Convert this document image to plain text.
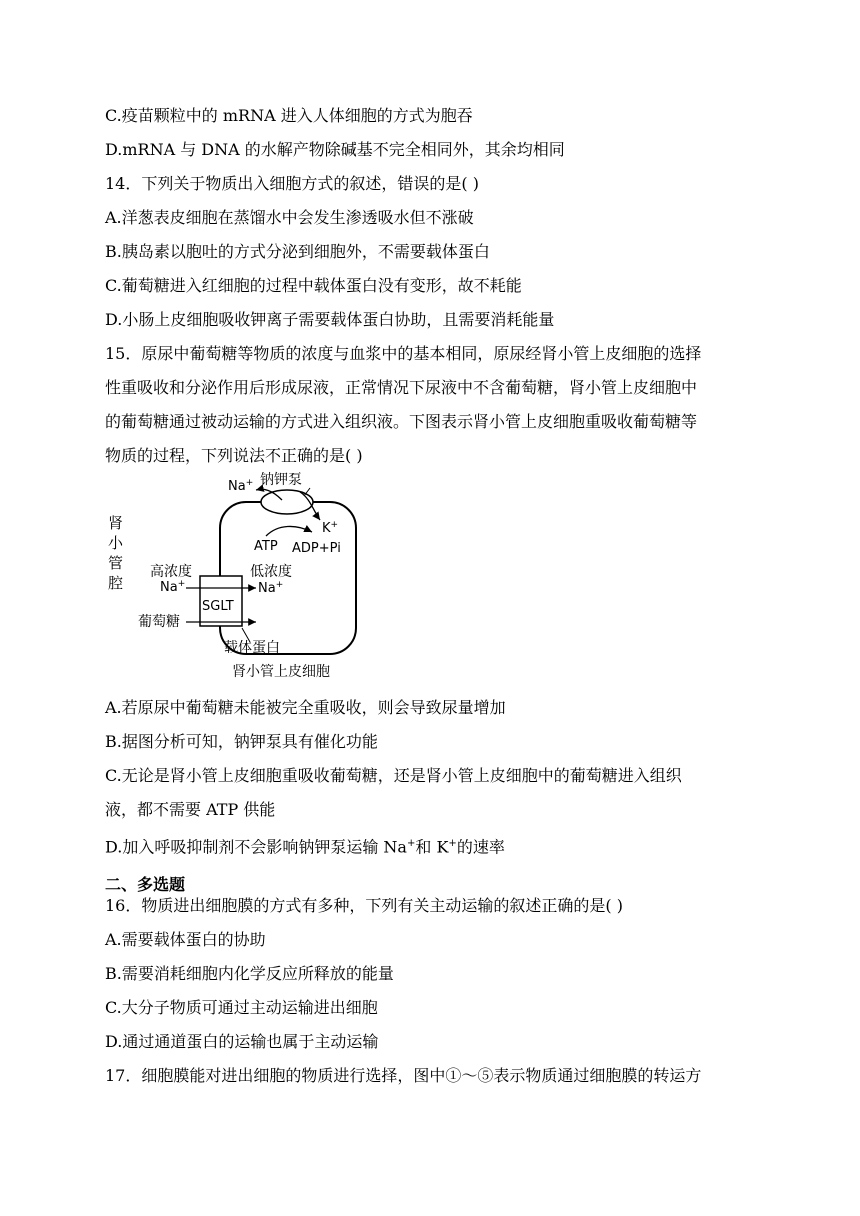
C.疫苗颗粒中的 mRNA 进入人体细胞的方式为胞吞
D.mRNA 与 DNA 的水解产物除碱基不完全相同外，其余均相同
14．下列关于物质出入细胞方式的叙述，错误的是( )
A.洋葱表皮细胞在蒸馏水中会发生渗透吸水但不涨破
B.胰岛素以胞吐的方式分泌到细胞外，不需要载体蛋白
C.葡萄糖进入红细胞的过程中载体蛋白没有变形，故不耗能
D.小肠上皮细胞吸收钾离子需要载体蛋白协助，且需要消耗能量
15．原尿中葡萄糖等物质的浓度与血浆中的基本相同，原尿经肾小管上皮细胞的选择
性重吸收和分泌作用后形成尿液，正常情况下尿液中不含葡萄糖，肾小管上皮细胞中
的葡萄糖通过被动运输的方式进入组织液。下图表示肾小管上皮细胞重吸收葡萄糖等
物质的过程，下列说法不正确的是( )
肾
小
管
腔
Na+ 钠钾泵
K+
ATP ADP+Pi
高浓度
Na+
低浓度
Na+
SGLT
葡萄糖
载体蛋白
肾小管上皮细胞
A.若原尿中葡萄糖未能被完全重吸收，则会导致尿量增加
B.据图分析可知，钠钾泵具有催化功能
C.无论是肾小管上皮细胞重吸收葡萄糖，还是肾小管上皮细胞中的葡萄糖进入组织
液，都不需要 ATP 供能
D.加入呼吸抑制剂不会影响钠钾泵运输 Na+和 K+的速率
二、多选题
16．物质进出细胞膜的方式有多种，下列有关主动运输的叙述正确的是( )
A.需要载体蛋白的协助
B.需要消耗细胞内化学反应所释放的能量
C.大分子物质可通过主动运输进出细胞
D.通过通道蛋白的运输也属于主动运输
17．细胞膜能对进出细胞的物质进行选择，图中①～⑤表示物质通过细胞膜的转运方
